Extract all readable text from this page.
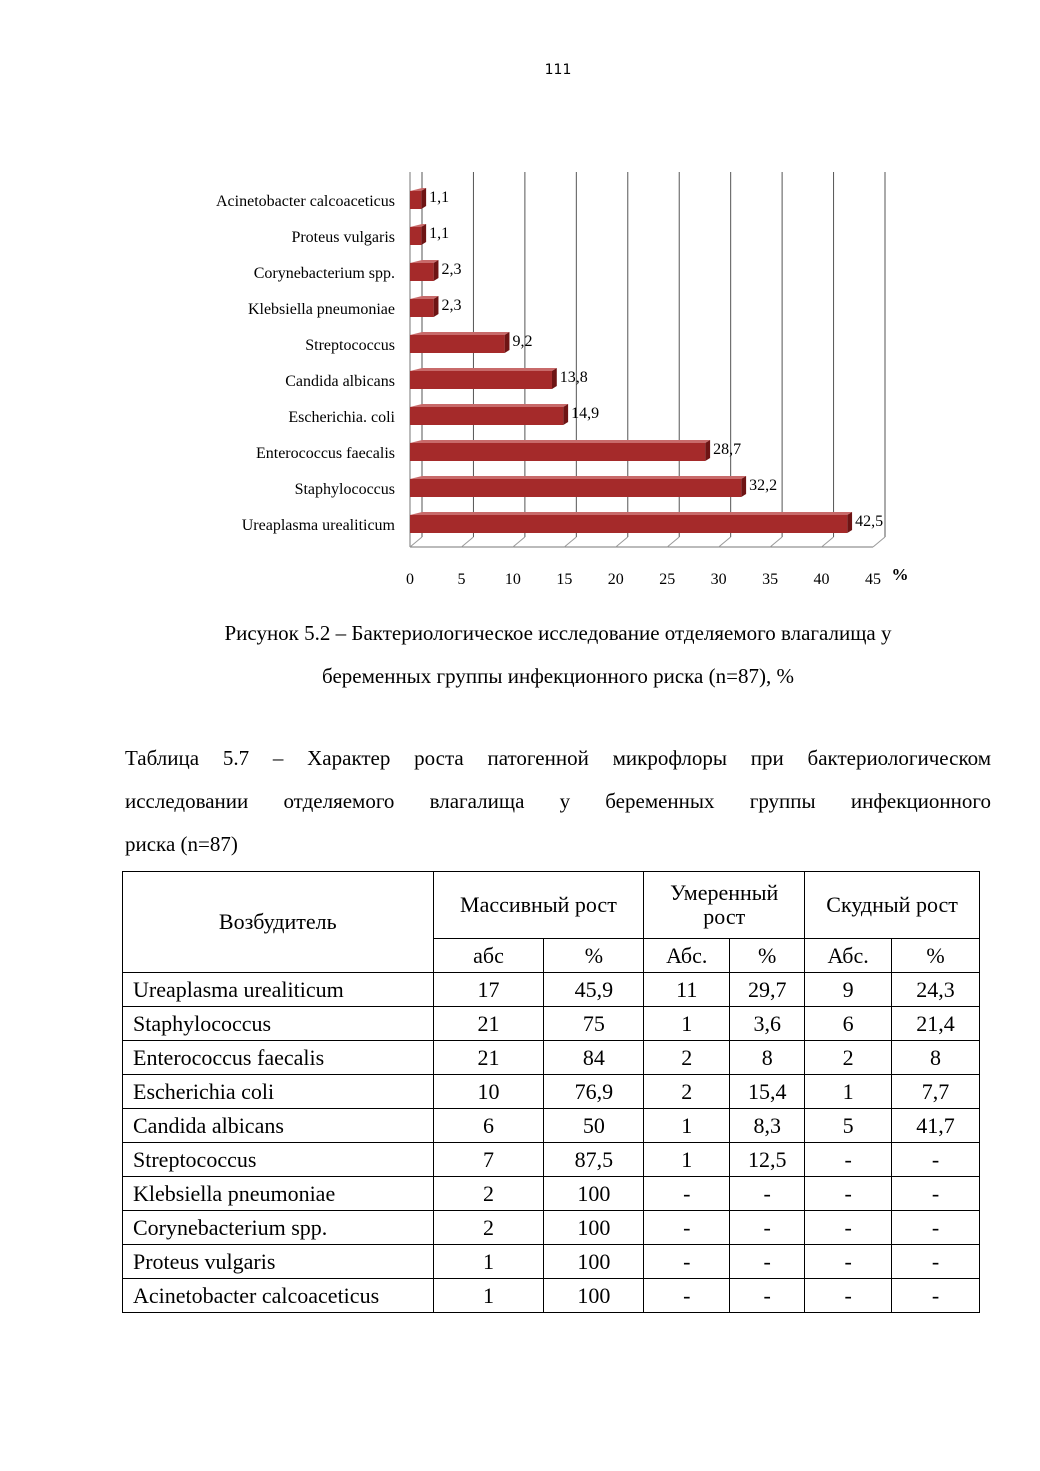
111
0	5 10 15 20 25 30 35 40 45 %
Acinetobacter calcoaceticus 1,1
Proteus vulgaris 1,1
Corynebacterium spp.	2,3
Klebsiella pneumoniae	2,3
Streptococcus	9,2
Candida albicans	13,8
Escherichia. coli	14,9
Enterococcus faecalis	28,7
Staphylococcus	32,2
Ureaplasma urealiticum	42,5

Рисунок 5.2 – Бактериологическое исследование отделяемого влагалища у

беременных группы инфекционного риска (n=87), %

Таблица 5.7 – Характер роста патогенной микрофлоры при бактериологическом

исследовании отделяемого влагалища у беременных группы инфекционного

риска (n=87)

Возбудитель	Массивный рост		Умеренный
рост		Скудный рост	
	абс	%	Абс.	%	Абс.	%
Ureaplasma urealiticum	17	45,9	11	29,7	9	24,3
Staphylococcus	21	75	1	3,6	6	21,4
Enterococcus faecalis	21	84	2	8	2	8
Escherichia coli	10	76,9	2	15,4	1	7,7
Candida albicans	6	50	1	8,3	5	41,7
Streptococcus	7	87,5	1	12,5	-	-
Klebsiella pneumoniae	2	100	-	-	-	-
Corynebacterium spp.	2	100	-	-	-	-
Proteus vulgaris	1	100	-	-	-	-
Acinetobacter calcoaceticus	1	100	-	-	-	-
